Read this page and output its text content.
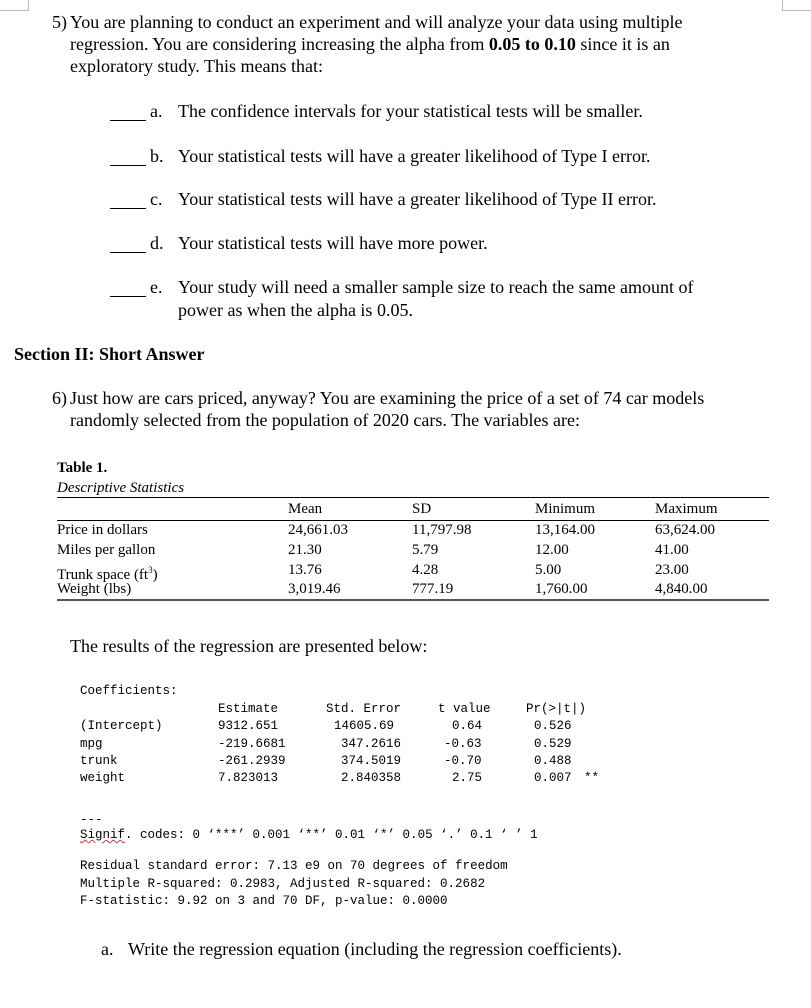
5) You are planning to conduct an experiment and will analyze your data using multiple
regression. You are considering increasing the alpha from 0.05 to 0.10 since it is an
exploratory study. This means that:
a. The confidence intervals for your statistical tests will be smaller.
b. Your statistical tests will have a greater likelihood of Type I error.
c. Your statistical tests will have a greater likelihood of Type II error.
d. Your statistical tests will have more power.
e. Your study will need a smaller sample size to reach the same amount of
power as when the alpha is 0.05.
Section II: Short Answer
6) Just how are cars priced, anyway? You are examining the price of a set of 74 car models
randomly selected from the population of 2020 cars. The variables are:
Table 1.
Descriptive Statistics
Mean	SD	Minimum	Maximum
Price in dollars	24,661.03	11,797.98	13,164.00	63,624.00
Miles per gallon	21.30	5.79	12.00	41.00
Trunk space $(ft^3)$	13.76	4.28	5.00	23.00
Weight (lbs)	3,019.46	777.19	1,760.00	4,840.00
The results of the regression are presented below:
Coefficients:
Estimate	Std. Error	t value	Pr(>|t|)
(Intercept)	9312.651	14605.69	0.64	0.526
mpg	-219.6681	347.2616	-0.63	0.529
trunk	-261.2939	374.5019	-0.70	0.488
weight	7.823013	2.840358	2.75	0.007 **
---
Signif. codes: 0 ‘***’ 0.001 ‘**’ 0.01 ‘*’ 0.05 ‘.’ 0.1 ‘ ’ 1
Residual standard error: 7.13 e9 on 70 degrees of freedom
Multiple R-squared: 0.2983, Adjusted R-squared: 0.2682
F-statistic: 9.92 on 3 and 70 DF, p-value: 0.0000
a. Write the regression equation (including the regression coefficients).
